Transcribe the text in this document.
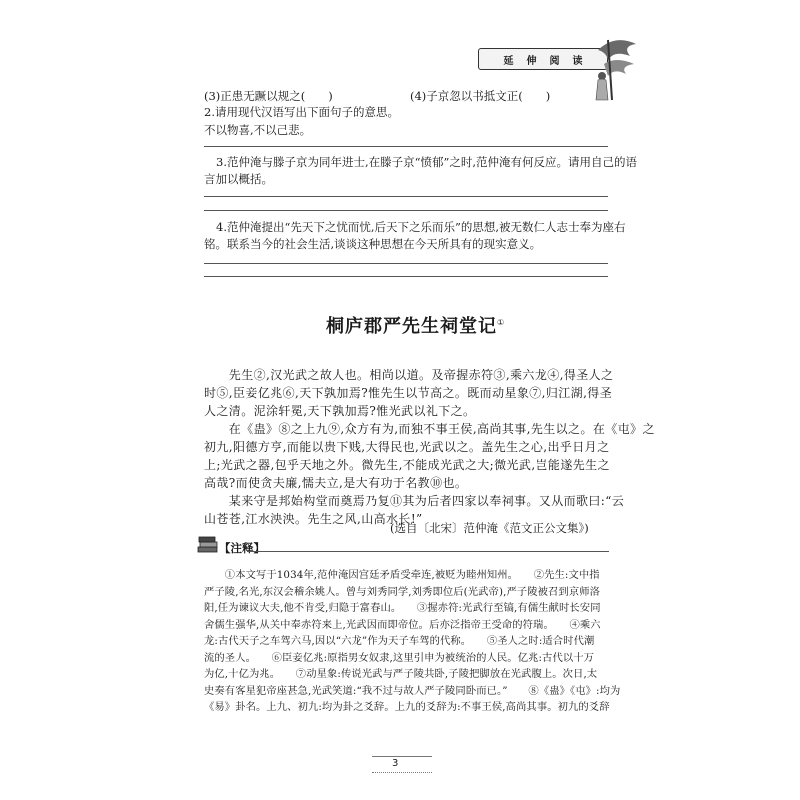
延 伸 阅 读
(3)正患无蹶以规之(　　)	(4)子京忽以书抵文正(　　)
2.请用现代汉语写出下面句子的意思。
不以物喜,不以己悲。
3.范仲淹与滕子京为同年进士,在滕子京“愤郁”之时,范仲淹有何反应。请用自己的语
言加以概括。
4.范仲淹提出“先天下之忧而忧,后天下之乐而乐”的思想,被无数仁人志士奉为座右
铭。联系当今的社会生活,谈谈这种思想在今天所具有的现实意义。
桐庐郡严先生祠堂记①
　　先生②,汉光武之故人也。相尚以道。及帝握赤符③,乘六龙④,得圣人之
时⑤,臣妾亿兆⑥,天下孰加焉?惟先生以节高之。既而动星象⑦,归江湖,得圣
人之清。泥涂轩冕,天下孰加焉?惟光武以礼下之。
　　在《蛊》⑧之上九⑨,众方有为,而独不事王侯,高尚其事,先生以之。在《屯》之
初九,阳德方亨,而能以贵下贱,大得民也,光武以之。盖先生之心,出乎日月之
上;光武之器,包乎天地之外。微先生,不能成光武之大;微光武,岂能遂先生之
高哉?而使贪夫廉,懦夫立,是大有功于名教⑩也。
　　某来守是邦始构堂而奠焉乃复⑪其为后者四家以奉祠事。又从而歌曰:“云
山苍苍,江水泱泱。先生之风,山高水长!”
(选自〔北宋〕范仲淹《范文正公文集》)
【注释】
　　①本文写于1034年,范仲淹因宫廷矛盾受牵连,被贬为睦州知州。　　②先生:文中指
严子陵,名光,东汉会稽余姚人。曾与刘秀同学,刘秀即位后(光武帝),严子陵被召到京师洛
阳,任为谏议大夫,他不肯受,归隐于富春山。　　③握赤符:光武行至镐,有儒生献时长安同
舍儒生强华,从关中奉赤符来上,光武因而即帝位。后亦泛指帝王受命的符瑞。　　④乘六
龙:古代天子之车驾六马,因以“六龙”作为天子车驾的代称。　　⑤圣人之时:适合时代潮
流的圣人。　　⑥臣妾亿兆:原指男女奴隶,这里引申为被统治的人民。亿兆:古代以十万
为亿,十亿为兆。　　⑦动星象:传说光武与严子陵共卧,子陵把脚放在光武腹上。次日,太
史奏有客星犯帝座甚急,光武笑道:“我不过与故人严子陵同卧而已。”　　⑧《蛊》《屯》:均为
《易》卦名。上九、初九:均为卦之爻辞。上九的爻辞为:不事王侯,高尚其事。初九的爻辞
3
